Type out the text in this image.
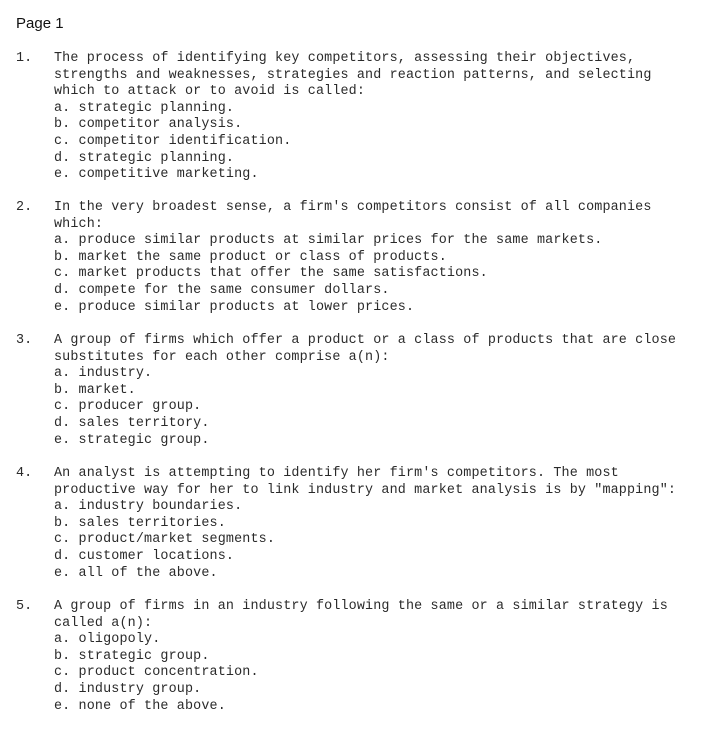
Page 1
1. The process of identifying key competitors, assessing their objectives,
strengths and weaknesses, strategies and reaction patterns, and selecting
which to attack or to avoid is called:
a. strategic planning.
b. competitor analysis.
c. competitor identification.
d. strategic planning.
e. competitive marketing.
2. In the very broadest sense, a firm's competitors consist of all companies
which:
a. produce similar products at similar prices for the same markets.
b. market the same product or class of products.
c. market products that offer the same satisfactions.
d. compete for the same consumer dollars.
e. produce similar products at lower prices.
3. A group of firms which offer a product or a class of products that are close
substitutes for each other comprise a(n):
a. industry.
b. market.
c. producer group.
d. sales territory.
e. strategic group.
4. An analyst is attempting to identify her firm's competitors. The most
productive way for her to link industry and market analysis is by "mapping":
a. industry boundaries.
b. sales territories.
c. product/market segments.
d. customer locations.
e. all of the above.
5. A group of firms in an industry following the same or a similar strategy is
called a(n):
a. oligopoly.
b. strategic group.
c. product concentration.
d. industry group.
e. none of the above.
